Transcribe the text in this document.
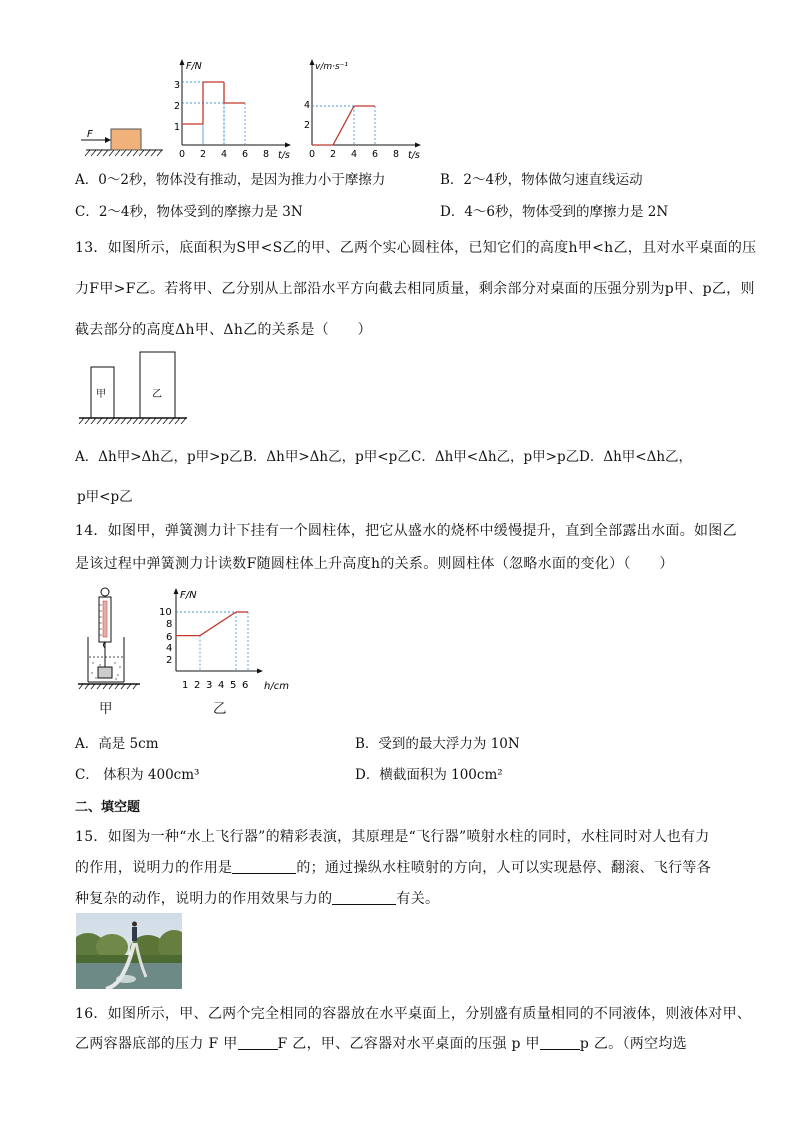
F
F/N
t/s
1
2
3
0 2 4 6 8
v/m·s⁻¹
t/s
2
4
0 2 4 6 8
A．0～2秒，物体没有推动，是因为推力小于摩擦力	B．2～4秒，物体做匀速直线运动
C．2～4秒，物体受到的摩擦力是 3N	D．4～6秒，物体受到的摩擦力是 2N
13．如图所示，底面积为S甲<S乙的甲、乙两个实心圆柱体，已知它们的高度h甲<h乙，且对水平桌面的压
力F甲>F乙。若将甲、乙分别从上部沿水平方向截去相同质量，剩余部分对桌面的压强分别为p甲、p乙，则
截去部分的高度Δh甲、Δh乙的关系是（　　）
甲	乙
A．Δh甲>Δh乙，p甲>p乙 B．Δh甲>Δh乙，p甲<p乙 C．Δh甲<Δh乙，p甲>p乙 D．Δh甲<Δh乙，
p甲<p乙
14．如图甲，弹簧测力计下挂有一个圆柱体，把它从盛水的烧杯中缓慢提升，直到全部露出水面。如图乙
是该过程中弹簧测力计读数F随圆柱体上升高度h的关系。则圆柱体（忽略水面的变化）（　　）
甲
F/N
h/cm
2
4
6
8
10
1 2 3 4 5 6
乙
A．高是 5cm	B．受到的最大浮力为 10N
C． 体积为 400cm³	D．横截面积为 100cm²
二、填空题
15．如图为一种“水上飞行器”的精彩表演，其原理是“飞行器”喷射水柱的同时，水柱同时对人也有力
的作用，说明力的作用是	的；通过操纵水柱喷射的方向，人可以实现悬停、翻滚、飞行等各
种复杂的动作，说明力的作用效果与力的	有关。
16．如图所示，甲、乙两个完全相同的容器放在水平桌面上，分别盛有质量相同的不同液体，则液体对甲、
乙两容器底部的压力 F 甲	F 乙，甲、乙容器对水平桌面的压强 p 甲	p 乙。（两空均选
